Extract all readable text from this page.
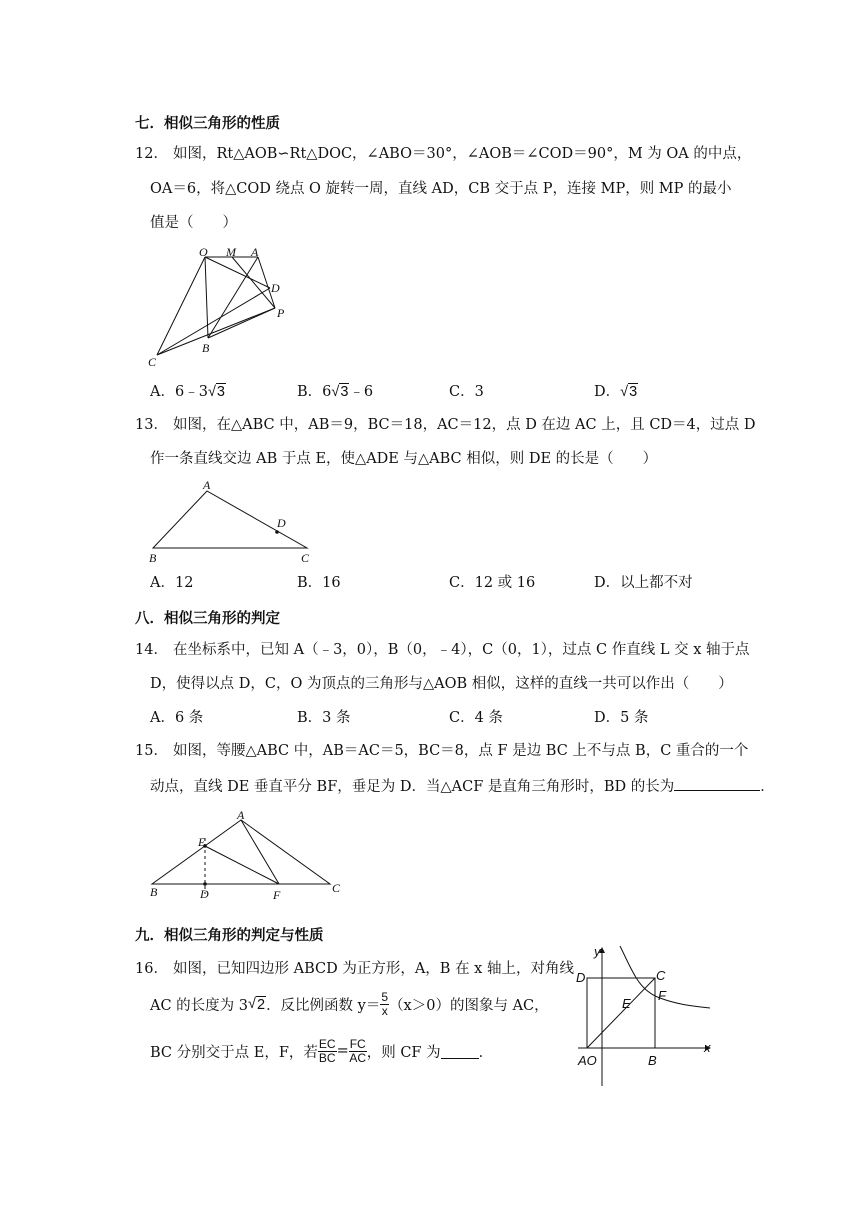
七．相似三角形的性质
12． 如图，Rt△AOB∽Rt△DOC，∠ABO＝30°，∠AOB＝∠COD＝90°，M 为 OA 的中点，
OA＝6，将△COD 绕点 O 旋转一周，直线 AD，CB 交于点 P，连接 MP，则 MP 的最小
值是（　　）
O M A
D
P
B
C
A．6﹣3√3	B．6√3﹣6	C．3	D．√3
13． 如图，在△ABC 中，AB＝9，BC＝18，AC＝12，点 D 在边 AC 上，且 CD＝4，过点 D
作一条直线交边 AB 于点 E，使△ADE 与△ABC 相似，则 DE 的长是（　　）
A
D
B	C
A．12	B．16	C．12 或 16	D．以上都不对
八．相似三角形的判定
14． 在坐标系中，已知 A（﹣3，0），B（0，﹣4），C（0，1），过点 C 作直线 L 交 x 轴于点
D，使得以点 D，C，O 为顶点的三角形与△AOB 相似，这样的直线一共可以作出（　　）
A．6 条	B．3 条	C．4 条	D．5 条
15． 如图，等腰△ABC 中，AB＝AC＝5，BC＝8，点 F 是边 BC 上不与点 B，C 重合的一个
动点，直线 DE 垂直平分 BF，垂足为 D．当△ACF 是直角三角形时，BD 的长为	．
A
E
B	D	F	C
九．相似三角形的判定与性质
16． 如图，已知四边形 ABCD 为正方形，A，B 在 x 轴上，对角线
AC 的长度为 3 √ 2 ．反比例函数 $y= \frac{5}{x} (x>0)$的图象与 AC，
BC 分别交于点 E，F，若 $\frac{EC}{BC} = \frac{FC}{AC}$ ，则 CF 为	．
y
D	C
E
F
AO	B
x
